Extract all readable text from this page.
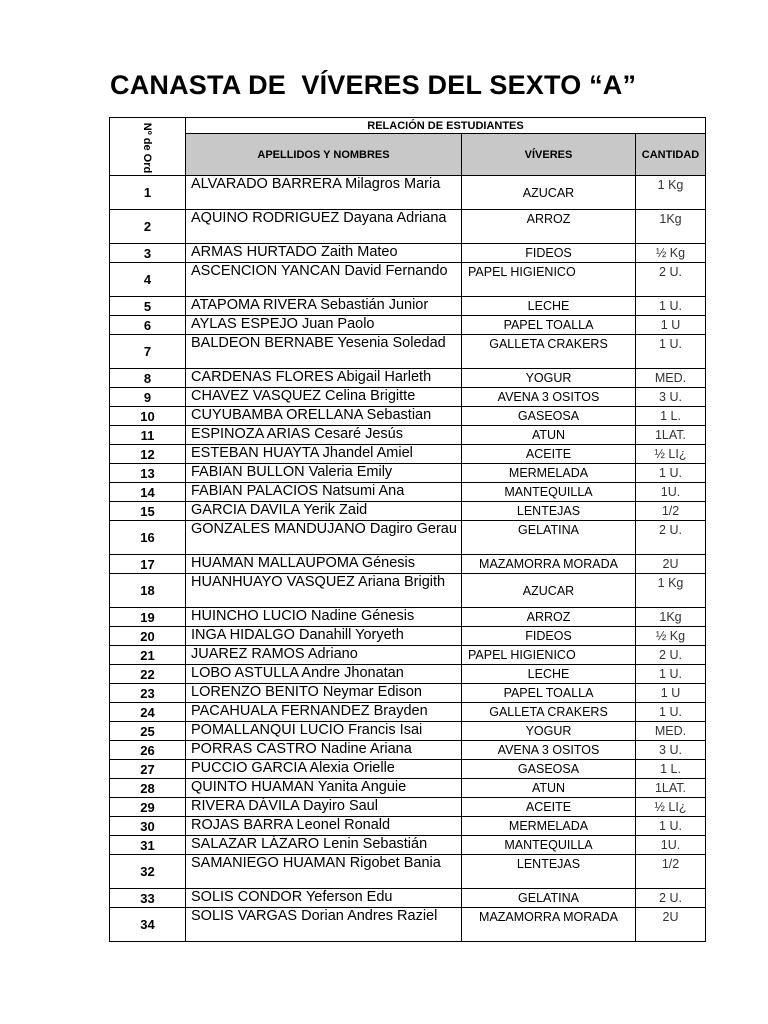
CANASTA DE  VÍVERES DEL SEXTO “A”
Nº de Ord	RELACIÓN DE ESTUDIANTES		
	APELLIDOS Y NOMBRES	VÍVERES	CANTIDAD
1	ALVARADO BARRERA Milagros Maria	AZUCAR	1 Kg
2	AQUINO RODRIGUEZ Dayana Adriana	ARROZ	1Kg
3	ARMAS HURTADO Zaith Mateo	FIDEOS	½ Kg
4	ASCENCION YANCAN David Fernando	PAPEL HIGIENICO	2 U.
5	ATAPOMA RIVERA Sebastián Junior	LECHE	1 U.
6	AYLAS ESPEJO Juan Paolo	PAPEL TOALLA	1 U
7	BALDEON BERNABE Yesenia Soledad	GALLETA CRAKERS	1 U.
8	CARDENAS FLORES Abigail Harleth	YOGUR	MED.
9	CHAVEZ VASQUEZ Celina Brigitte	AVENA 3 OSITOS	3 U.
10	CUYUBAMBA ORELLANA Sebastian	GASEOSA	1 L.
11	ESPINOZA ARIAS Cesaré Jesús	ATUN	1LAT.
12	ESTEBAN HUAYTA Jhandel Amiel	ACEITE	½ LI¿
13	FABIAN BULLON Valeria Emily	MERMELADA	1 U.
14	FABIAN PALACIOS Natsumi Ana	MANTEQUILLA	1U.
15	GARCIA DAVILA Yerik Zaid	LENTEJAS	1/2
16	GONZALES MANDUJANO Dagiro Gerau	GELATINA	2 U.
17	HUAMAN MALLAUPOMA Génesis	MAZAMORRA MORADA	2U
18	HUANHUAYO VASQUEZ Ariana Brigith	AZUCAR	1 Kg
19	HUINCHO LUCIO Nadine Génesis	ARROZ	1Kg
20	INGA HIDALGO Danahill Yoryeth	FIDEOS	½ Kg
21	JUAREZ RAMOS Adriano	PAPEL HIGIENICO	2 U.
22	LOBO ASTULLA Andre Jhonatan	LECHE	1 U.
23	LORENZO BENITO Neymar Edison	PAPEL TOALLA	1 U
24	PACAHUALA FERNANDEZ Brayden	GALLETA CRAKERS	1 U.
25	POMALLANQUI LUCIO Francis Isai	YOGUR	MED.
26	PORRAS CASTRO Nadine Ariana	AVENA 3 OSITOS	3 U.
27	PUCCIO GARCIA Alexia Orielle	GASEOSA	1 L.
28	QUINTO HUAMAN Yanita Anguie	ATUN	1LAT.
29	RIVERA DÁVILA Dayiro Saul	ACEITE	½ LI¿
30	ROJAS BARRA Leonel Ronald	MERMELADA	1 U.
31	SALAZAR LÁZARO Lenin Sebastián	MANTEQUILLA	1U.
32	SAMANIEGO HUAMAN Rigobet Bania	LENTEJAS	1/2
33	SOLIS CONDOR Yeferson Edu	GELATINA	2 U.
34	SOLIS VARGAS Dorian Andres Raziel	MAZAMORRA MORADA	2U
